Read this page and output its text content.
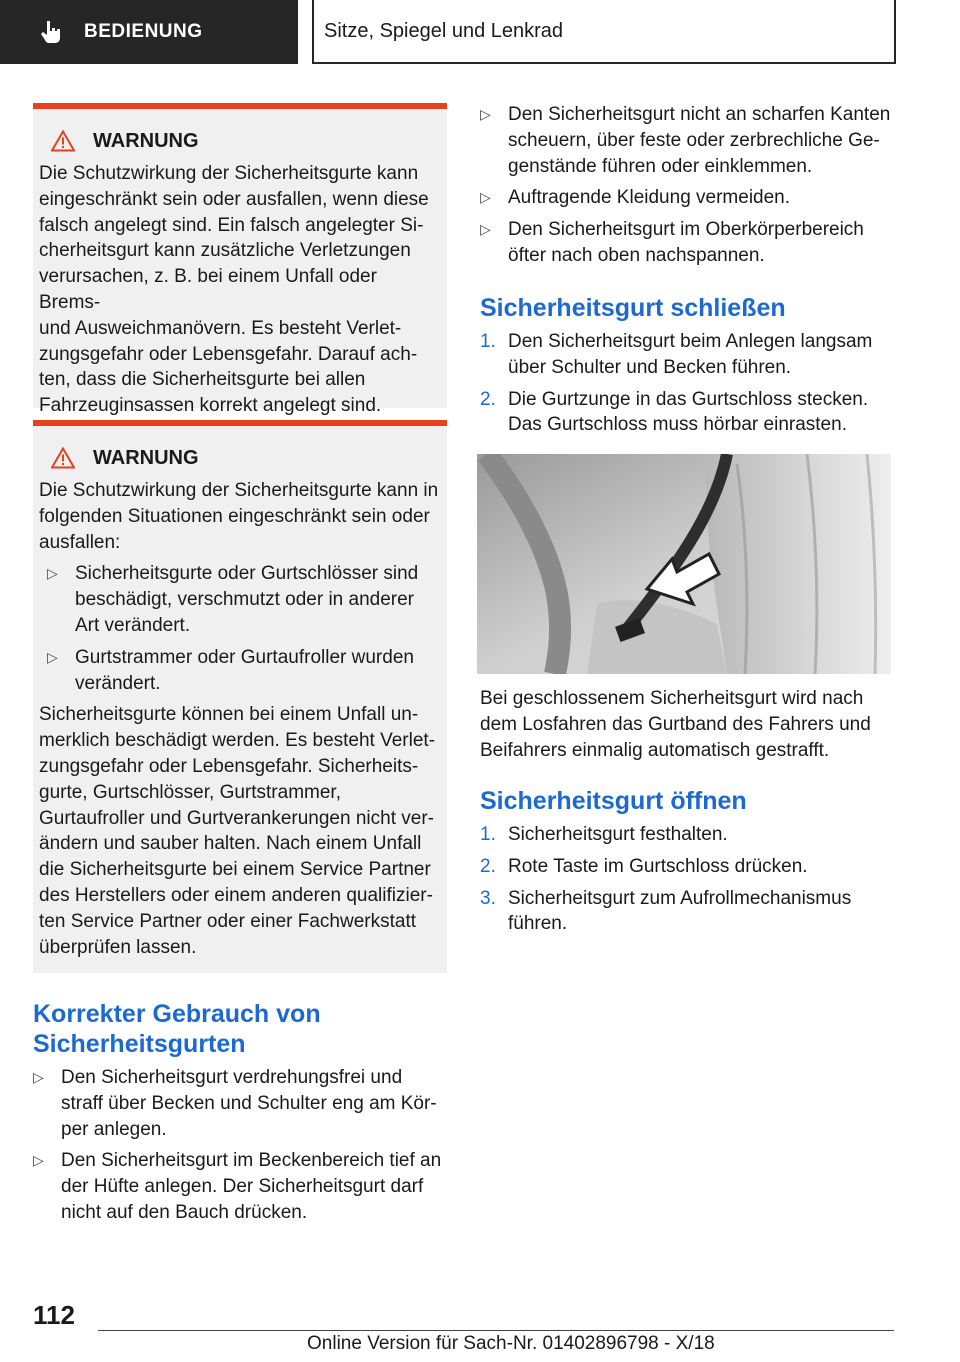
BEDIENUNG	Sitze, Spiegel und Lenkrad
WARNUNG
Die Schutzwirkung der Sicherheitsgurte kann
eingeschränkt sein oder ausfallen, wenn diese
falsch angelegt sind. Ein falsch angelegter Si-
cherheitsgurt kann zusätzliche Verletzungen
verursachen, z. B. bei einem Unfall oder Brems-
und Ausweichmanövern. Es besteht Verlet-
zungsgefahr oder Lebensgefahr. Darauf ach-
ten, dass die Sicherheitsgurte bei allen
Fahrzeuginsassen korrekt angelegt sind.
WARNUNG
Die Schutzwirkung der Sicherheitsgurte kann in
folgenden Situationen eingeschränkt sein oder
ausfallen:
▷ Sicherheitsgurte oder Gurtschlösser sind
beschädigt, verschmutzt oder in anderer
Art verändert.
▷ Gurtstrammer oder Gurtaufroller wurden
verändert.
Sicherheitsgurte können bei einem Unfall un-
merklich beschädigt werden. Es besteht Verlet-
zungsgefahr oder Lebensgefahr. Sicherheits-
gurte, Gurtschlösser, Gurtstrammer,
Gurtaufroller und Gurtverankerungen nicht ver-
ändern und sauber halten. Nach einem Unfall
die Sicherheitsgurte bei einem Service Partner
des Herstellers oder einem anderen qualifizier-
ten Service Partner oder einer Fachwerkstatt
überprüfen lassen.
Korrekter Gebrauch von
Sicherheitsgurten
▷ Den Sicherheitsgurt verdrehungsfrei und
straff über Becken und Schulter eng am Kör-
per anlegen.
▷ Den Sicherheitsgurt im Beckenbereich tief an
der Hüfte anlegen. Der Sicherheitsgurt darf
nicht auf den Bauch drücken.
▷ Den Sicherheitsgurt nicht an scharfen Kanten
scheuern, über feste oder zerbrechliche Ge-
genstände führen oder einklemmen.
▷ Auftragende Kleidung vermeiden.
▷ Den Sicherheitsgurt im Oberkörperbereich
öfter nach oben nachspannen.
Sicherheitsgurt schließen
1. Den Sicherheitsgurt beim Anlegen langsam
über Schulter und Becken führen.
2. Die Gurtzunge in das Gurtschloss stecken.
Das Gurtschloss muss hörbar einrasten.
Bei geschlossenem Sicherheitsgurt wird nach
dem Losfahren das Gurtband des Fahrers und
Beifahrers einmalig automatisch gestrafft.
Sicherheitsgurt öffnen
1. Sicherheitsgurt festhalten.
2. Rote Taste im Gurtschloss drücken.
3. Sicherheitsgurt zum Aufrollmechanismus
führen.
112
Online Version für Sach-Nr. 01402896798 - X/18
